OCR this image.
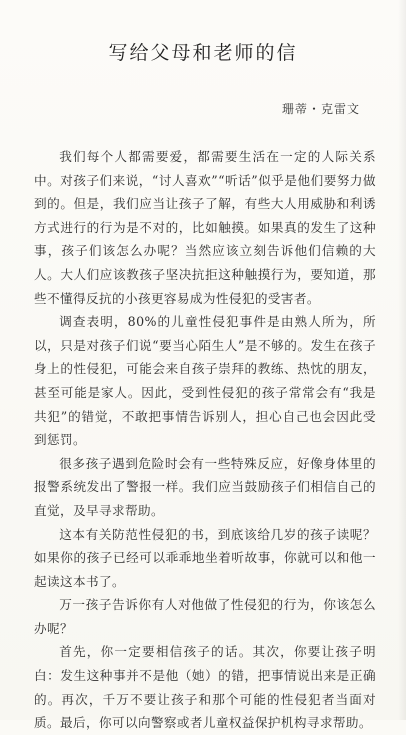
写给父母和老师的信
珊蒂・克雷文

我们每个人都需要爱，都需要生活在一定的人际关系中。对孩子们来说，“讨人喜欢”“听话”似乎是他们要努力做到的。但是，我们应当让孩子了解，有些大人用威胁和利诱方式进行的行为是不对的，比如触摸。如果真的发生了这种事，孩子们该怎么办呢？当然应该立刻告诉他们信赖的大人。大人们应该教孩子坚决抗拒这种触摸行为，要知道，那些不懂得反抗的小孩更容易成为性侵犯的受害者。

调查表明，80%的儿童性侵犯事件是由熟人所为，所以，只是对孩子们说“要当心陌生人”是不够的。发生在孩子身上的性侵犯，可能会来自孩子崇拜的教练、热忱的朋友，甚至可能是家人。因此，受到性侵犯的孩子常常会有“我是共犯”的错觉，不敢把事情告诉别人，担心自己也会因此受到惩罚。

很多孩子遇到危险时会有一些特殊反应，好像身体里的报警系统发出了警报一样。我们应当鼓励孩子们相信自己的直觉，及早寻求帮助。

这本有关防范性侵犯的书，到底该给几岁的孩子读呢？如果你的孩子已经可以乖乖地坐着听故事，你就可以和他一起读这本书了。

万一孩子告诉你有人对他做了性侵犯的行为，你该怎么办呢？

首先，你一定要相信孩子的话。其次，你要让孩子明白：发生这种事并不是他（她）的错，把事情说出来是正确的。再次，千万不要让孩子和那个可能的性侵犯者当面对质。最后，你可以向警察或者儿童权益保护机构寻求帮助。
